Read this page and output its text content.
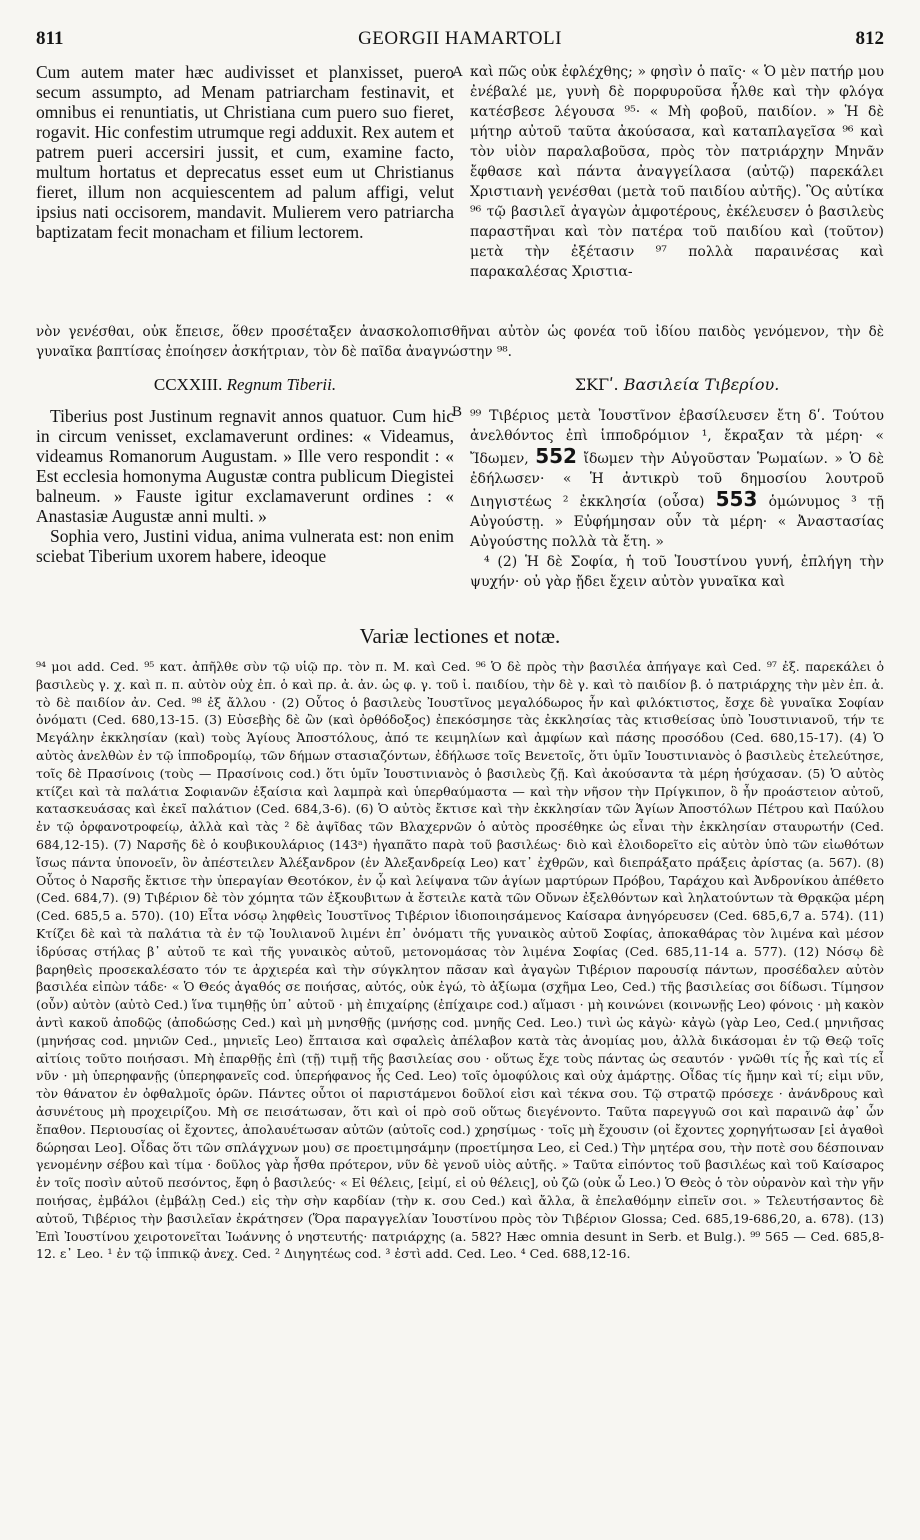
811	GEORGII HAMARTOLI	812
Cum autem mater hæc audivisset et planxisset, puero secum assumpto, ad Menam patriarcham festinavit, et omnibus ei renuntiatis, ut Christiana cum puero suo fieret, rogavit. Hic confestim utrumque regi adduxit. Rex autem et patrem pueri accersiri jussit, et cum, examine facto, multum hortatus et deprecatus esset eum ut Christianus fieret, illum non acquiescentem ad palum affigi, velut ipsius nati occisorem, mandavit. Mulierem vero patriarcha baptizatam fecit monacham et filium lectorem.
A καὶ πῶς οὐκ ἐφλέχθης; » φησὶν ὁ παῖς· « Ὁ μὲν πατήρ μου ἐνέβαλέ με, γυνὴ δὲ πορφυροῦσα ἧλθε καὶ τὴν φλόγα κατέσβεσε λέγουσα ⁹⁵· « Μὴ φοβοῦ, παιδίον. » Ἡ δὲ μήτηρ αὐτοῦ ταῦτα ἀκούσασα, καὶ καταπλαγεῖσα ⁹⁶ καὶ τὸν υἱὸν παραλαβοῦσα, πρὸς τὸν πατριάρχην Μηνᾶν ἔφθασε καὶ πάντα ἀναγγείλασα (αὐτῷ) παρεκάλει Χριστιανὴ γενέσθαι (μετὰ τοῦ παιδίου αὐτῆς). Ὃς αὐτίκα ⁹⁶ τῷ βασιλεῖ ἀγαγὼν ἀμφοτέρους, ἐκέλευσεν ὁ βασιλεὺς παραστῆναι καὶ τὸν πατέρα τοῦ παιδίου καὶ (τοῦτον) μετὰ τὴν ἐξέτασιν ⁹⁷ πολλὰ παραινέσας καὶ παρακαλέσας Χριστια-
νὸν γενέσθαι, οὐκ ἔπεισε, ὅθεν προσέταξεν ἀνασκολοπισθῆναι αὐτὸν ὡς φονέα τοῦ ἰδίου παιδὸς γενόμενον, τὴν δὲ γυναῖκα βαπτίσας ἐποίησεν ἀσκήτριαν, τὸν δὲ παῖδα ἀναγνώστην ⁹⁸.
CCXXIII. Regnum Tiberii.	ΣΚΓʹ. Βασιλεία Τιβερίου.

Tiberius post Justinum regnavit annos quatuor. Cum hic in circum venisset, exclamaverunt ordines: « Videamus, videamus Romanorum Augustam. » Ille vero respondit : « Est ecclesia homonyma Augustæ contra publicum Diegistei balneum. » Fauste igitur exclamaverunt ordines : « Anastasiæ Augustæ anni multi. »

Sophia vero, Justini vidua, anima vulnerata est: non enim sciebat Tiberium uxorem habere, ideoque

B ⁹⁹ Τιβέριος μετὰ Ἰουστῖνον ἐβασίλευσεν ἔτη δʹ. Τούτου ἀνελθόντος ἐπὶ ἱπποδρόμιον ¹, ἔκραξαν τὰ μέρη· « Ἴδωμεν, 552 ἴδωμεν τὴν Αὐγοῦσταν Ῥωμαίων. » Ὁ δὲ ἐδήλωσεν· « Ἡ ἀντικρὺ τοῦ δημοσίου λουτροῦ Διηγιστέως ² ἐκκλησία (οὖσα) 553 ὁμώνυμος ³ τῇ Αὐγούστῃ. » Εὐφήμησαν οὖν τὰ μέρη· « Ἀναστασίας Αὐγούστης πολλὰ τὰ ἔτη. »

⁴ (2) Ἡ δὲ Σοφία, ἡ τοῦ Ἰουστίνου γυνή, ἐπλήγη τὴν ψυχήν· οὐ γὰρ ᾔδει ἔχειν αὐτὸν γυναῖκα καὶ

Variæ lectiones et notæ.
⁹⁴ μοι add. Ced. ⁹⁵ κατ. ἀπῆλθε σὺν τῷ υἱῷ πρ. τὸν π. Μ. καὶ Ced. ⁹⁶ Ὁ δὲ πρὸς τὴν βασιλέα ἀπήγαγε καὶ Ced. ⁹⁷ ἐξ. παρεκάλει ὁ βασιλεὺς γ. χ. καὶ π. π. αὐτὸν οὐχ ἐπ. ὁ καὶ πρ. ἀ. ἀν. ὡς φ. γ. τοῦ ἰ. παιδίου, τὴν δὲ γ. καὶ τὸ παιδίον β. ὁ πατριάρχης τὴν μὲν ἐπ. ἀ. τὸ δὲ παιδίον ἀν. Ced. ⁹⁸ ἐξ ἄλλου · (2) Οὗτος ὁ βασιλεὺς Ἰουστῖνος μεγαλόδωρος ἦν καὶ φιλόκτιστος, ἔσχε δὲ γυναῖκα Σοφίαν ὀνόματι (Ced. 680,13-15. (3) Εὐσεβὴς δὲ ὢν (καὶ ὀρθόδοξος) ἐπεκόσμησε τὰς ἐκκλησίας τὰς κτισθείσας ὑπὸ Ἰουστινιανοῦ, τήν τε Μεγάλην ἐκκλησίαν (καὶ) τοὺς Ἁγίους Ἀποστόλους, ἀπό τε κειμηλίων καὶ ἀμφίων καὶ πάσης προσόδου (Ced. 680,15-17). (4) Ὁ αὐτὸς ἀνελθὼν ἐν τῷ ἱπποδρομίῳ, τῶν δήμων στασιαζόντων, ἐδήλωσε τοῖς Βενετοῖς, ὅτι ὑμῖν Ἰουστινιανὸς ὁ βασιλεὺς ἐτελεύτησε, τοῖς δὲ Πρασίνοις (τοὺς — Πρασίνοις cod.) ὅτι ὑμῖν Ἰουστινιανὸς ὁ βασιλεὺς ζῇ. Καὶ ἀκούσαντα τὰ μέρη ἡσύχασαν. (5) Ὁ αὐτὸς κτίζει καὶ τὰ παλάτια Σοφιανῶν ἐξαίσια καὶ λαμπρὰ καὶ ὑπερθαύμαστα — καὶ τὴν νῆσον τὴν Πρίγκιπον, ὃ ἦν προάστειον αὐτοῦ, κατασκευάσας καὶ ἐκεῖ παλάτιον (Ced. 684,3-6). (6) Ὁ αὐτὸς ἔκτισε καὶ τὴν ἐκκλησίαν τῶν Ἁγίων Ἀποστόλων Πέτρου καὶ Παύλου ἐν τῷ ὀρφανοτροφείῳ, ἀλλὰ καὶ τὰς ² δὲ ἀψῖδας τῶν Βλαχερνῶν ὁ αὐτὸς προσέθηκε ὡς εἶναι τὴν ἐκκλησίαν σταυρωτήν (Ced. 684,12-15). (7) Ναρσῆς δὲ ὁ κουβικουλάριος (143ᵃ) ἠγαπᾶτο παρὰ τοῦ βασιλέως· διὸ καὶ ἐλοιδορεῖτο εἰς αὐτὸν ὑπὸ τῶν εἰωθότων ἴσως πάντα ὑπονοεῖν, ὃν ἀπέστειλεν Ἀλέξανδρον (ἐν Ἀλεξανδρείᾳ Leo) κατ᾽ ἐχθρῶν, καὶ διεπράξατο πράξεις ἀρίστας (a. 567). (8) Οὗτος ὁ Ναρσῆς ἔκτισε τὴν ὑπεραγίαν Θεοτόκον, ἐν ᾧ καὶ λείψανα τῶν ἁγίων μαρτύρων Πρόβου, Ταράχου καὶ Ἀνδρονίκου ἀπέθετο (Ced. 684,7). (9) Τιβέριον δὲ τὸν χόμητα τῶν ἐξκουβιτων ἀ ἔστειλε κατὰ τῶν Οὔνων ἐξελθόντων καὶ ληλατούντων τὰ Θρᾳκῷα μέρη (Ced. 685,5 a. 570). (10) Εἶτα νόσῳ ληφθεὶς Ἰουστῖνος Τιβέριον ἰδιοποιησάμενος Καίσαρα ἀνηγόρευσεν (Ced. 685,6,7 a. 574). (11) Κτίζει δὲ καὶ τὰ παλάτια τὰ ἐν τῷ Ἰουλιανοῦ λιμένι ἐπ᾽ ὀνόματι τῆς γυναικὸς αὐτοῦ Σοφίας, ἀποκαθάρας τὸν λιμένα καὶ μέσον ἱδρύσας στήλας β᾽ αὐτοῦ τε καὶ τῆς γυναικὸς αὐτοῦ, μετονομάσας τὸν λιμένα Σοφίας (Ced. 685,11-14 a. 577). (12) Νόσῳ δὲ βαρηθεὶς προσεκαλέσατο τόν τε ἀρχιερέα καὶ τὴν σύγκλητον πᾶσαν καὶ ἀγαγὼν Τιβέριον παρουσίᾳ πάντων, προσέδαλεν αὐτὸν βασιλέα εἰπὼν τάδε· « Ὁ Θεός ἀγαθός σε ποιήσας, αὐτός, οὐκ ἐγώ, τὸ ἀξίωμα (σχῆμα Leo, Ced.) τῆς βασιλείας σοι δίδωσι. Τίμησον (οὖν) αὐτὸν (αὐτὸ Ced.) ἵνα τιμηθῇς ὑπ᾽ αὐτοῦ · μὴ ἐπιχαίρης (ἐπίχαιρε cod.) αἵμασι · μὴ κοινώνει (κοινωνῇς Leo) φόνοις · μὴ κακὸν ἀντὶ κακοῦ ἀποδῷς (ἀποδώσῃς Ced.) καὶ μὴ μνησθῇς (μνήσῃς cod. μνηῆς Ced. Leo.) τινὶ ὡς κἀγὼ· κἀγὼ (γὰρ Leo, Ced.( μηνιῆσας (μηνήσας cod. μηνιῶν Ced., μηνιεῖς Leo) ἔπταισα καὶ σφαλεὶς ἀπέλαβον κατὰ τὰς ἀνομίας μου, ἀλλὰ δικάσομαι ἐν τῷ Θεῷ τοῖς αἰτίοις τοῦτο ποιήσασι. Μὴ ἐπαρθῇς ἐπὶ (τῇ) τιμῇ τῆς βασιλείας σου · οὕτως ἔχε τοὺς πάντας ὡς σεαυτόν · γνῶθι τίς ἧς καὶ τίς εἶ νῦν · μὴ ὑπερηφανῇς (ὑπερηφανεῖς cod. ὑπερήφανος ἧς Ced. Leo) τοῖς ὁμοφύλοις καὶ οὐχ ἁμάρτῃς. Οἶδας τίς ἤμην καὶ τί; εἰμι νῦν, τὸν θάνατον ἐν ὀφθαλμοῖς ὁρῶν. Πάντες οὗτοι οἱ παριστάμενοι δοῦλοί εἰσι καὶ τέκνα σου. Τῷ στρατῷ πρόσεχε · ἀνάνδρους καὶ ἀσυνέτους μὴ προχειρίζου. Μὴ σε πεισάτωσαν, ὅτι καὶ οἱ πρὸ σοῦ οὕτως διεγένοντο. Ταῦτα παρεγγυῶ σοι καὶ παραινῶ ἀφ᾽ ὧν ἔπαθον. Περιουσίας οἱ ἔχοντες, ἀπολαυέτωσαν αὐτῶν (αὐτοῖς cod.) χρησίμως · τοῖς μὴ ἔχουσιν (οἱ ἔχοντες χορηγήτωσαν [εἰ ἀγαθοὶ δώρησαι Leo]. Οἶδας ὅτι τῶν σπλάγχνων μου) σε προετιμησάμην (προετίμησα Leo, εἰ Ced.) Τὴν μητέρα σου, τὴν ποτὲ σου δέσποιναν γενομένην σέβου καὶ τίμα · δοῦλος γὰρ ἦσθα πρότερον, νῦν δὲ γενοῦ υἱὸς αὐτῆς. » Ταῦτα εἰπόντος τοῦ βασιλέως καὶ τοῦ Καίσαρος ἐν τοῖς ποσὶν αὐτοῦ πεσόντος, ἔφη ὁ βασιλεύς· « Εἰ θέλεις, [εἰμί, εἰ οὐ θέλεις], οὐ ζῶ (οὐκ ὦ Leo.) Ὁ Θεὸς ὁ τὸν οὐρανὸν καὶ τὴν γῆν ποιήσας, ἐμβάλοι (ἐμβάλῃ Ced.) εἰς τὴν σὴν καρδίαν (τὴν κ. σου Ced.) καὶ ἄλλα, ἃ ἐπελαθόμην εἰπεῖν σοι. » Τελευτήσαντος δὲ αὐτοῦ, Τιβέριος τὴν βασιλεῖαν ἐκράτησεν (Ὅρα παραγγελίαν Ἰουστίνου πρὸς τὸν Τιβέριον Glossa; Ced. 685,19-686,20, a. 678). (13) Ἐπὶ Ἰουστίνου χειροτονεῖται Ἰωάννης ὁ νηστευτής· πατριάρχης (a. 582? Hæc omnia desunt in Serb. et Bulg.). ⁹⁹ 565 — Ced. 685,8-12. ε᾽ Leo. ¹ ἐν τῷ ἱππικῷ ἀνεχ. Ced. ² Διηγητέως cod. ³ ἐστὶ add. Ced. Leo. ⁴ Ced. 688,12-16.
